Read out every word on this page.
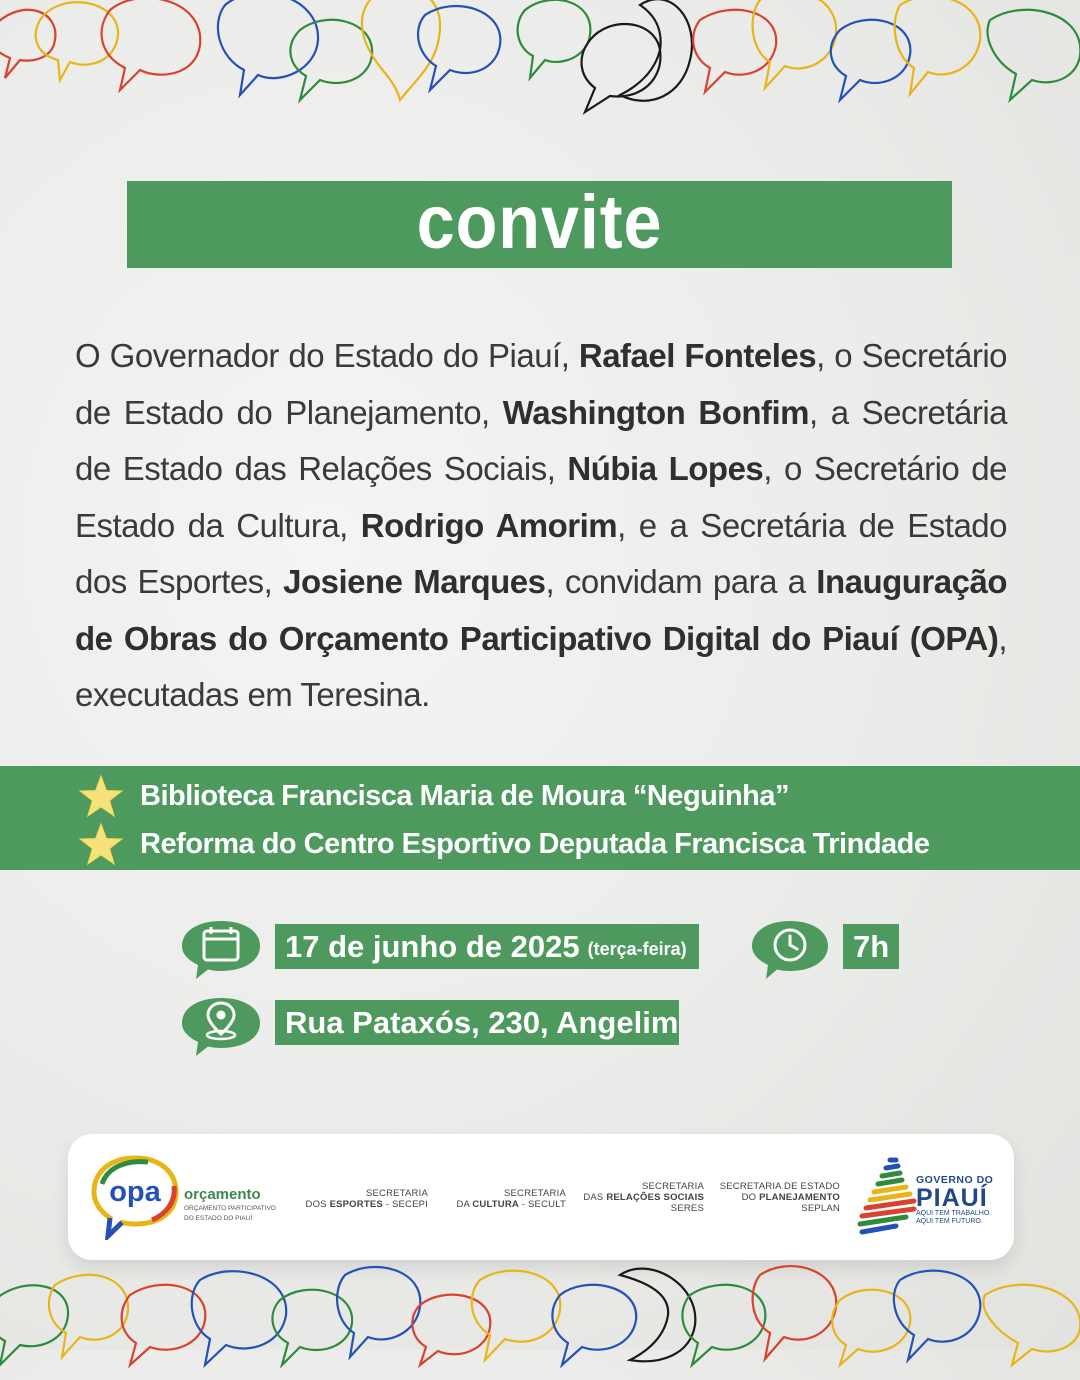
convite
O Governador do Estado do Piauí, Rafael Fonteles, o Secretário de Estado do Planejamento, Washington Bonfim, a Secretária de Estado das Relações Sociais, Núbia Lopes, o Secretário de Estado da Cultura, Rodrigo Amorim, e a Secretária de Estado dos Esportes, Josiene Marques, convidam para a Inauguração de Obras do Orçamento Participativo Digital do Piauí (OPA), executadas em Teresina.
Biblioteca Francisca Maria de Moura “Neguinha”
Reforma do Centro Esportivo Deputada Francisca Trindade
17 de junho de 2025 (terça-feira)	7h
Rua Pataxós, 230, Angelim
opa orçamento
ORÇAMENTO PARTICIPATIVO
DO ESTADO DO PIAUÍ
SECRETARIA
DOS ESPORTES - SECEPI
SECRETARIA
DA CULTURA - SECULT
SECRETARIA
DAS RELAÇÕES SOCIAIS
SERES
SECRETARIA DE ESTADO
DO PLANEJAMENTO
SEPLAN
GOVERNO DO
PIAUÍ
AQUI TEM TRABALHO.
AQUI TEM FUTURO.
